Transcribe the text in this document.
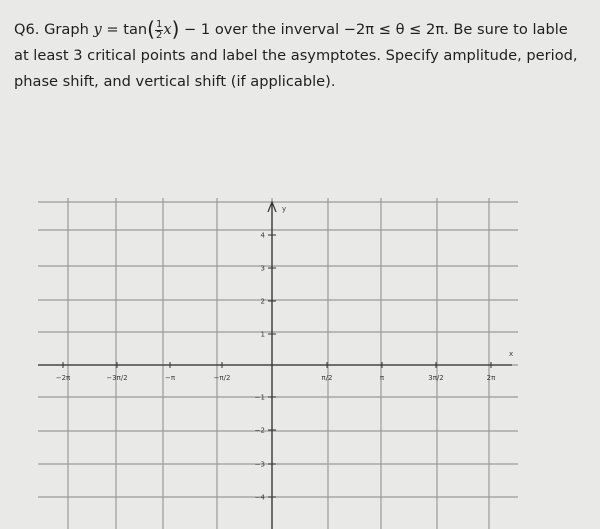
Q6. Graph $y = \tan( \frac{1}{2} x) - 1$ over the inverval −2π ≤ θ ≤ 2π. Be sure to lable
at least 3 critical points and label the asymptotes. Specify amplitude, period,
phase shift, and vertical shift (if applicable).
y
x
−2π	−3π/2	−π	−π/2	π/2	π	3π/2	2π
4
3
2
1
−1
−2
−3
−4
